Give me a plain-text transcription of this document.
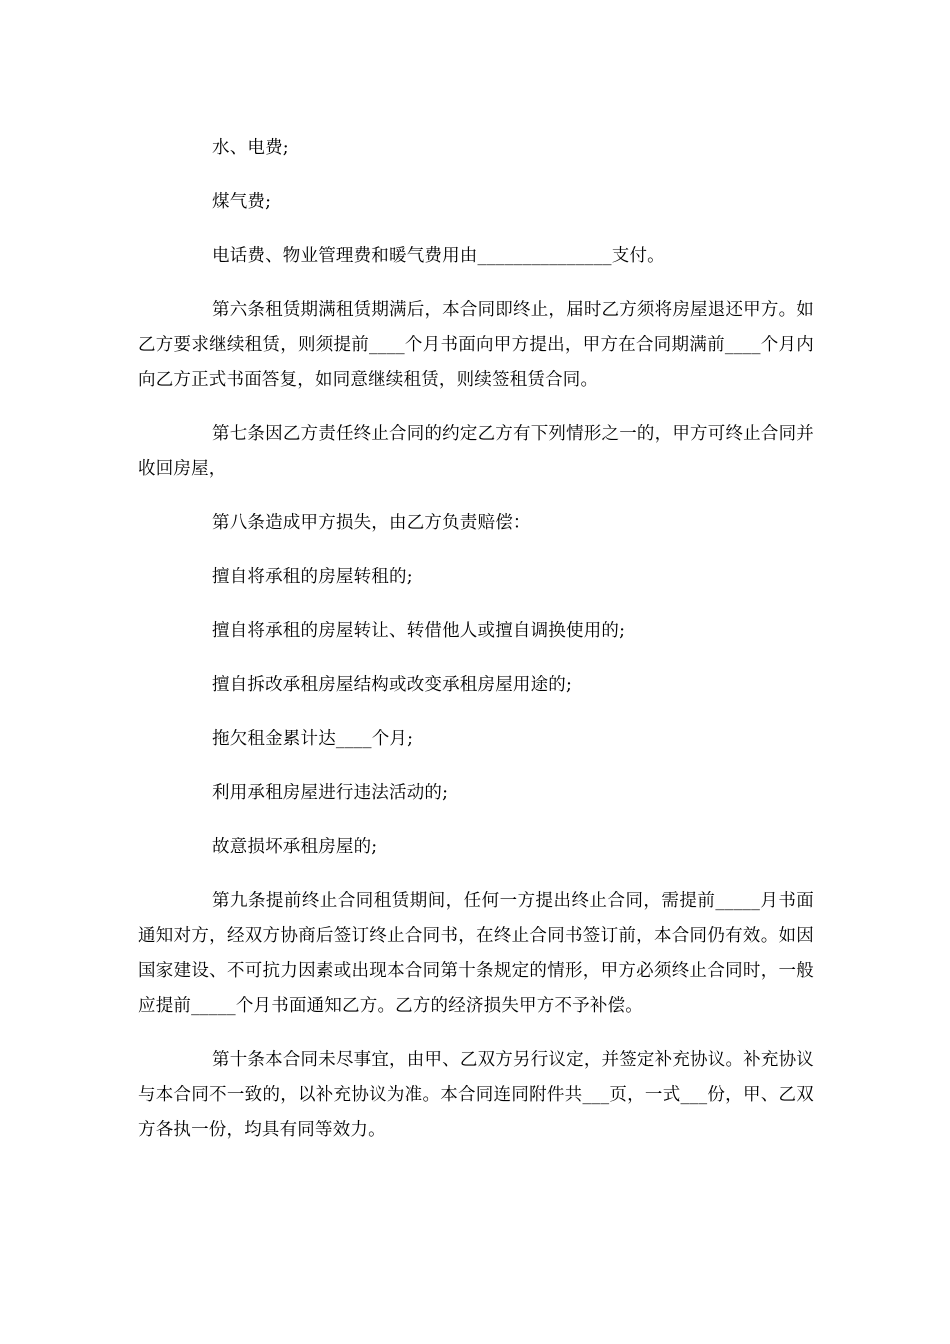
水、电费;

煤气费;

电话费、物业管理费和暖气费用由_______________支付。

第六条租赁期满租赁期满后，本合同即终止，届时乙方须将房屋退还甲方。如乙方要求继续租赁，则须提前____个月书面向甲方提出，甲方在合同期满前____个月内向乙方正式书面答复，如同意继续租赁，则续签租赁合同。

第七条因乙方责任终止合同的约定乙方有下列情形之一的，甲方可终止合同并收回房屋，

第八条造成甲方损失，由乙方负责赔偿：

擅自将承租的房屋转租的;

擅自将承租的房屋转让、转借他人或擅自调换使用的;

擅自拆改承租房屋结构或改变承租房屋用途的;

拖欠租金累计达____个月;

利用承租房屋进行违法活动的;

故意损坏承租房屋的;

第九条提前终止合同租赁期间，任何一方提出终止合同，需提前_____月书面通知对方，经双方协商后签订终止合同书，在终止合同书签订前，本合同仍有效。如因国家建设、不可抗力因素或出现本合同第十条规定的情形，甲方必须终止合同时，一般应提前_____个月书面通知乙方。乙方的经济损失甲方不予补偿。

第十条本合同未尽事宜，由甲、乙双方另行议定，并签定补充协议。补充协议与本合同不一致的，以补充协议为准。本合同连同附件共___页，一式___份，甲、乙双方各执一份，均具有同等效力。
